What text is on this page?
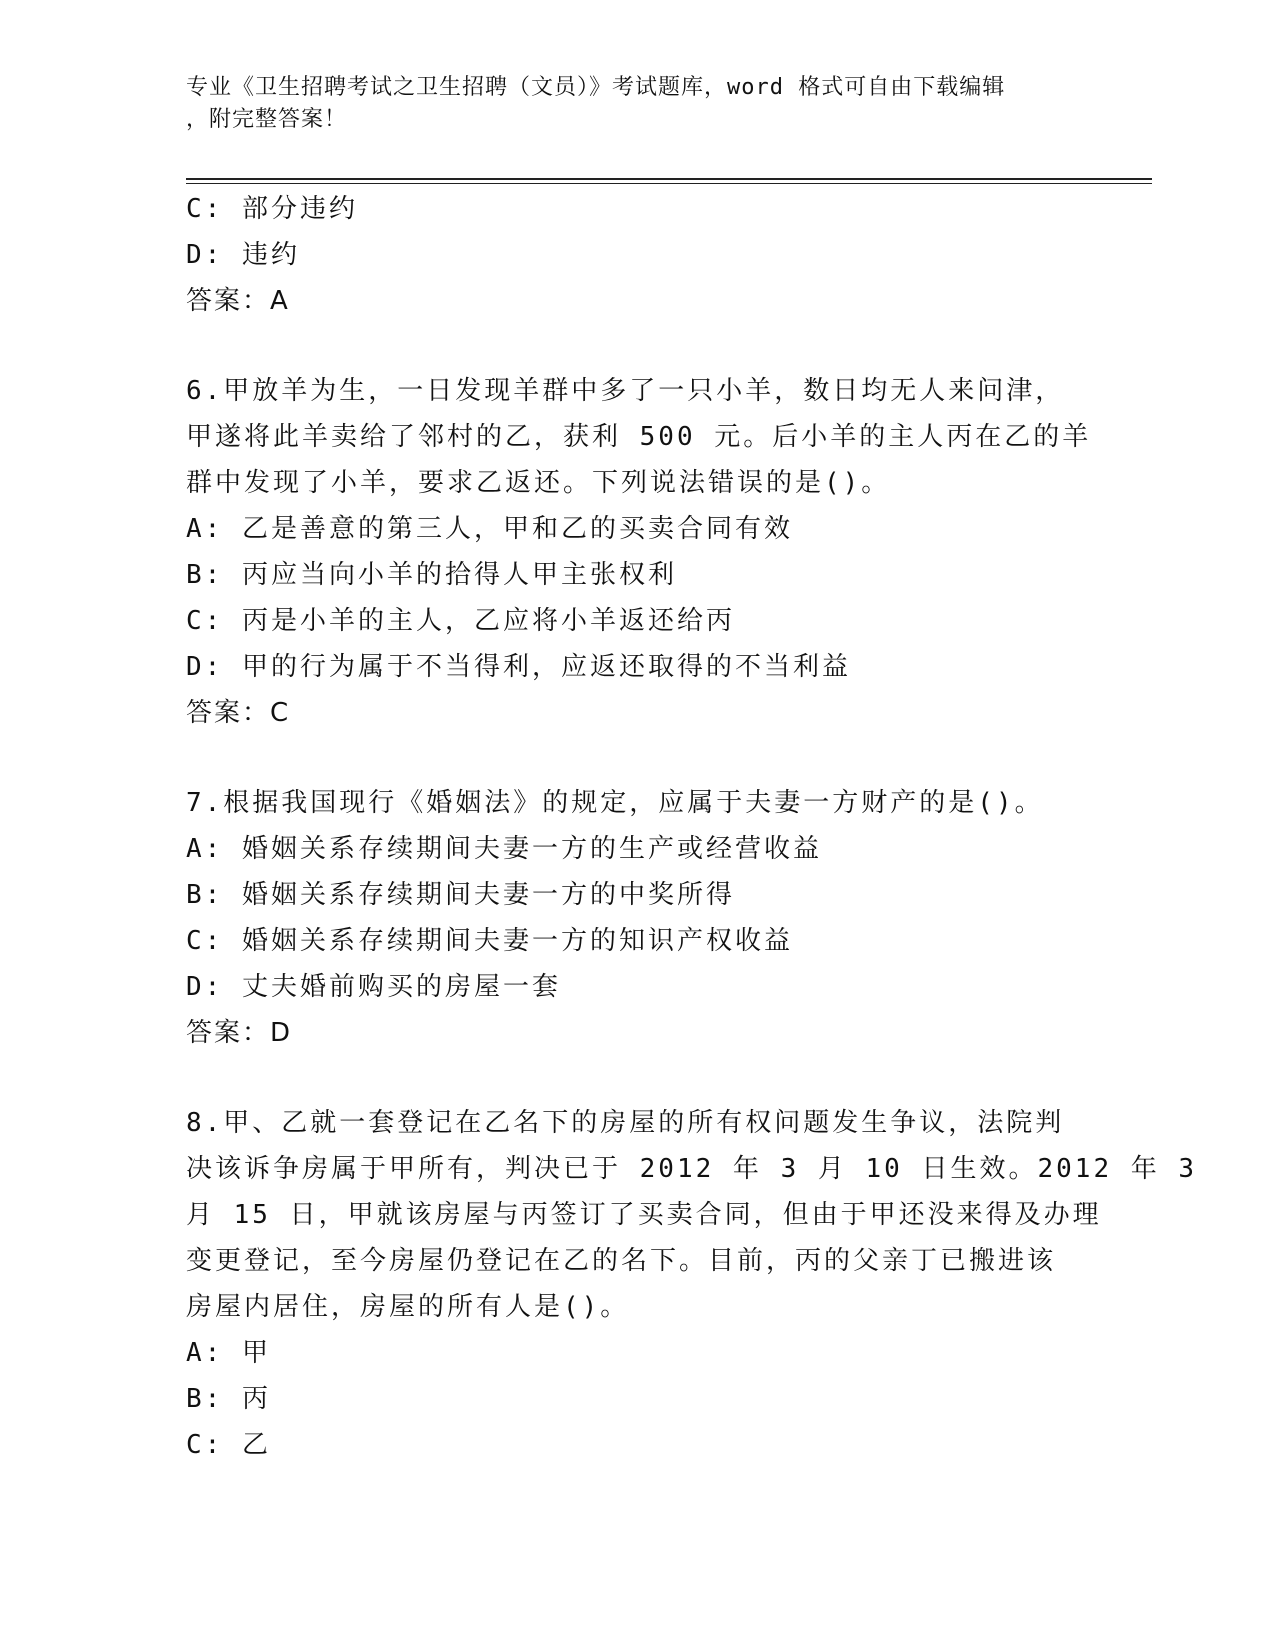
专业《卫生招聘考试之卫生招聘（文员）》考试题库，word 格式可自由下载编辑
，附完整答案！
C: 部分违约
D: 违约
答案：A
6.甲放羊为生，一日发现羊群中多了一只小羊，数日均无人来问津，
甲遂将此羊卖给了邻村的乙，获利 500 元。后小羊的主人丙在乙的羊
群中发现了小羊，要求乙返还。下列说法错误的是()。
A: 乙是善意的第三人，甲和乙的买卖合同有效
B: 丙应当向小羊的拾得人甲主张权利
C: 丙是小羊的主人，乙应将小羊返还给丙
D: 甲的行为属于不当得利，应返还取得的不当利益
答案：C
7.根据我国现行《婚姻法》的规定，应属于夫妻一方财产的是()。
A: 婚姻关系存续期间夫妻一方的生产或经营收益
B: 婚姻关系存续期间夫妻一方的中奖所得
C: 婚姻关系存续期间夫妻一方的知识产权收益
D: 丈夫婚前购买的房屋一套
答案：D
8.甲、乙就一套登记在乙名下的房屋的所有权问题发生争议，法院判
决该诉争房属于甲所有，判决已于 2012 年 3 月 10 日生效。2012 年 3
月 15 日，甲就该房屋与丙签订了买卖合同，但由于甲还没来得及办理
变更登记，至今房屋仍登记在乙的名下。目前，丙的父亲丁已搬进该
房屋内居住，房屋的所有人是()。
A: 甲
B: 丙
C: 乙
